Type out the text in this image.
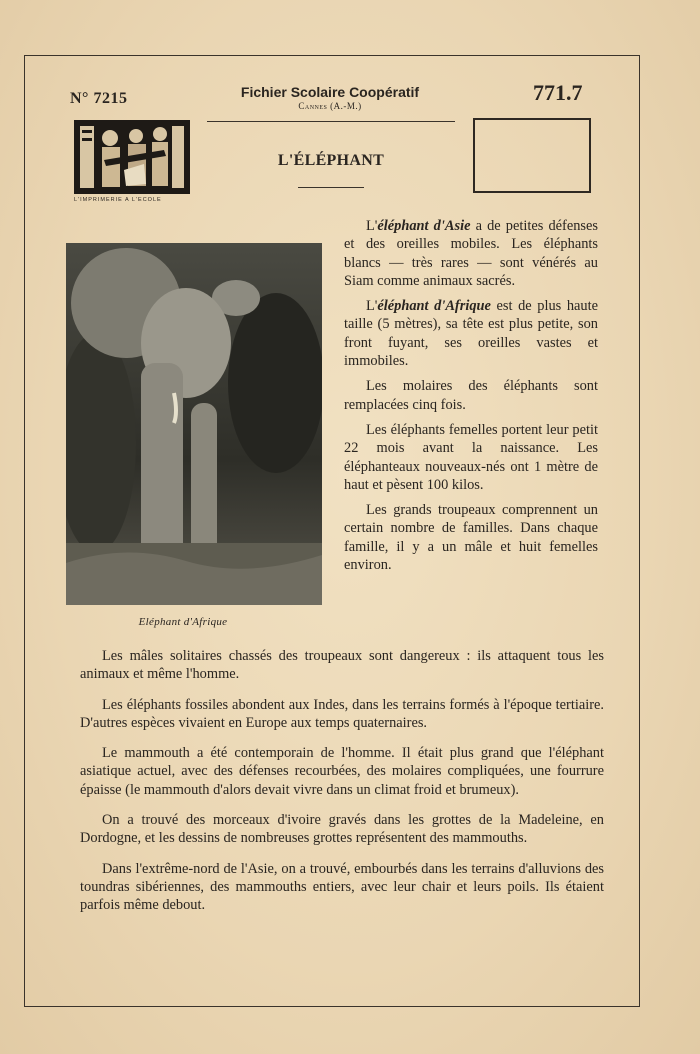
N° 7215	Fichier Scolaire Coopératif
Cannes (A.-M.)
771.7
L'IMPRIMERIE A L'ECOLE
L'ÉLÉPHANT
Eléphant d'Afrique

L'éléphant d'Asie a de petites défenses et des oreilles mobiles. Les éléphants blancs — très rares — sont vénérés au Siam comme animaux sacrés.

L'éléphant d'Afrique est de plus haute taille (5 mètres), sa tête est plus petite, son front fuyant, ses oreilles vastes et immobiles.

Les molaires des éléphants sont remplacées cinq fois.

Les éléphants femelles portent leur petit 22 mois avant la naissance. Les éléphanteaux nouveaux-nés ont 1 mètre de haut et pèsent 100 kilos.

Les grands troupeaux comprennent un certain nombre de familles. Dans chaque famille, il y a un mâle et huit femelles environ.

Les mâles solitaires chassés des troupeaux sont dangereux : ils attaquent tous les animaux et même l'homme.

Les éléphants fossiles abondent aux Indes, dans les terrains formés à l'époque tertiaire. D'autres espèces vivaient en Europe aux temps quaternaires.

Le mammouth a été contemporain de l'homme. Il était plus grand que l'éléphant asiatique actuel, avec des défenses recourbées, des molaires compliquées, une fourrure épaisse (le mammouth d'alors devait vivre dans un climat froid et brumeux).

On a trouvé des morceaux d'ivoire gravés dans les grottes de la Madeleine, en Dordogne, et les dessins de nombreuses grottes représentent des mammouths.

Dans l'extrême-nord de l'Asie, on a trouvé, embourbés dans les terrains d'alluvions des toundras sibériennes, des mammouths entiers, avec leur chair et leurs poils. Ils étaient parfois même debout.
